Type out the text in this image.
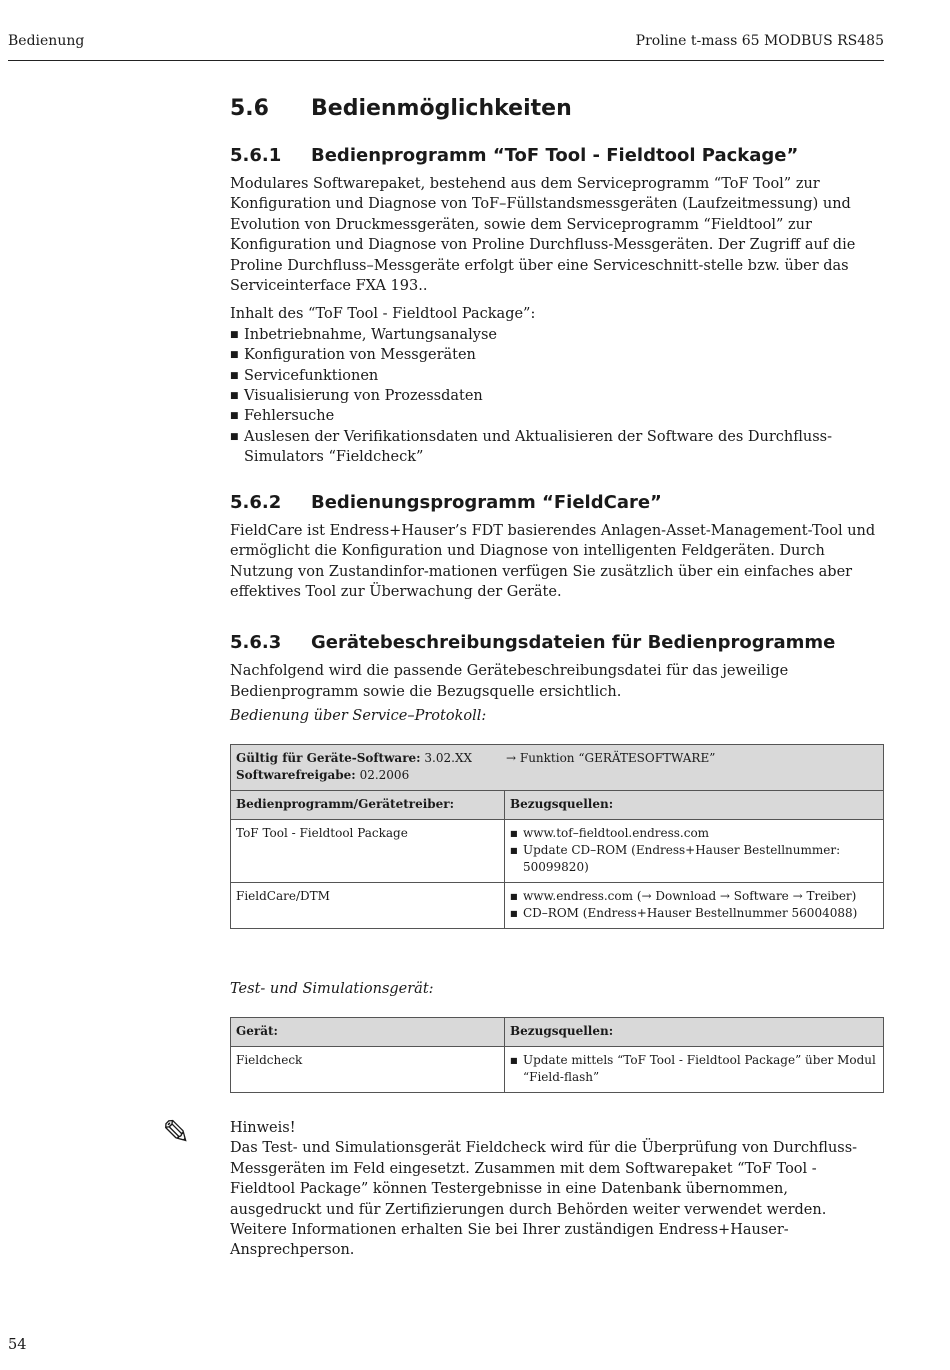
Bedienung	Proline t-mass 65 MODBUS RS485
5.6 Bedienmöglichkeiten
5.6.1 Bedienprogramm “ToF Tool - Fieldtool Package”

Modulares Softwarepaket, bestehend aus dem Serviceprogramm “ToF Tool” zur Konfiguration und Diagnose von ToF–Füllstandsmessgeräten (Laufzeitmessung) und Evolution von Druckmessgeräten, sowie dem Serviceprogramm “Fieldtool” zur Konfiguration und Diagnose von Proline Durchfluss-Messgeräten. Der Zugriff auf die Proline Durchfluss–Messgeräte erfolgt über eine Serviceschnitt-stelle bzw. über das Serviceinterface FXA 193..

Inhalt des “ToF Tool - Fieldtool Package”:

■ Inbetriebnahme, Wartungsanalyse
■ Konfiguration von Messgeräten
■ Servicefunktionen
■ Visualisierung von Prozessdaten
■ Fehlersuche
■ Auslesen der Verifikationsdaten und Aktualisieren der Software des Durchfluss-Simulators “Fieldcheck”
5.6.2 Bedienungsprogramm “FieldCare”

FieldCare ist Endress+Hauser’s FDT basierendes Anlagen-Asset-Management-Tool und ermöglicht die Konfiguration und Diagnose von intelligenten Feldgeräten. Durch Nutzung von Zustandinfor-mationen verfügen Sie zusätzlich über ein einfaches aber effektives Tool zur Überwachung der Geräte.

5.6.3 Gerätebeschreibungsdateien für Bedienprogramme

Nachfolgend wird die passende Gerätebeschreibungsdatei für das jeweilige Bedienprogramm sowie die Bezugsquelle ersichtlich.

Bedienung über Service–Protokoll:
Gültig für Geräte-Software: 3.02.XX
Softwarefreigabe: 02.2006
→ Funktion “GERÄTESOFTWARE”	

Bedienprogramm/Gerätetreiber:	Bezugsquellen:
ToF Tool - Fieldtool Package	■ www.tof–fieldtool.endress.com
■ Update CD–ROM (Endress+Hauser Bestellnummer: 50099820)

FieldCare/DTM	■ www.endress.com (→ Download → Software → Treiber)
■ CD–ROM (Endress+Hauser Bestellnummer 56004088)
Test- und Simulationsgerät:
Gerät:	Bezugsquellen:
Fieldcheck	■ Update mittels “ToF Tool - Fieldtool Package” über Modul “Field-flash”
✎	Hinweis!

Das Test- und Simulationsgerät Fieldcheck wird für die Überprüfung von Durchfluss-Messgeräten im Feld eingesetzt. Zusammen mit dem Softwarepaket “ToF Tool - Fieldtool Package” können Testergebnisse in eine Datenbank übernommen, ausgedruckt und für Zertifizierungen durch Behörden weiter verwendet werden. Weitere Informationen erhalten Sie bei Ihrer zuständigen Endress+Hauser-Ansprechperson.

54
